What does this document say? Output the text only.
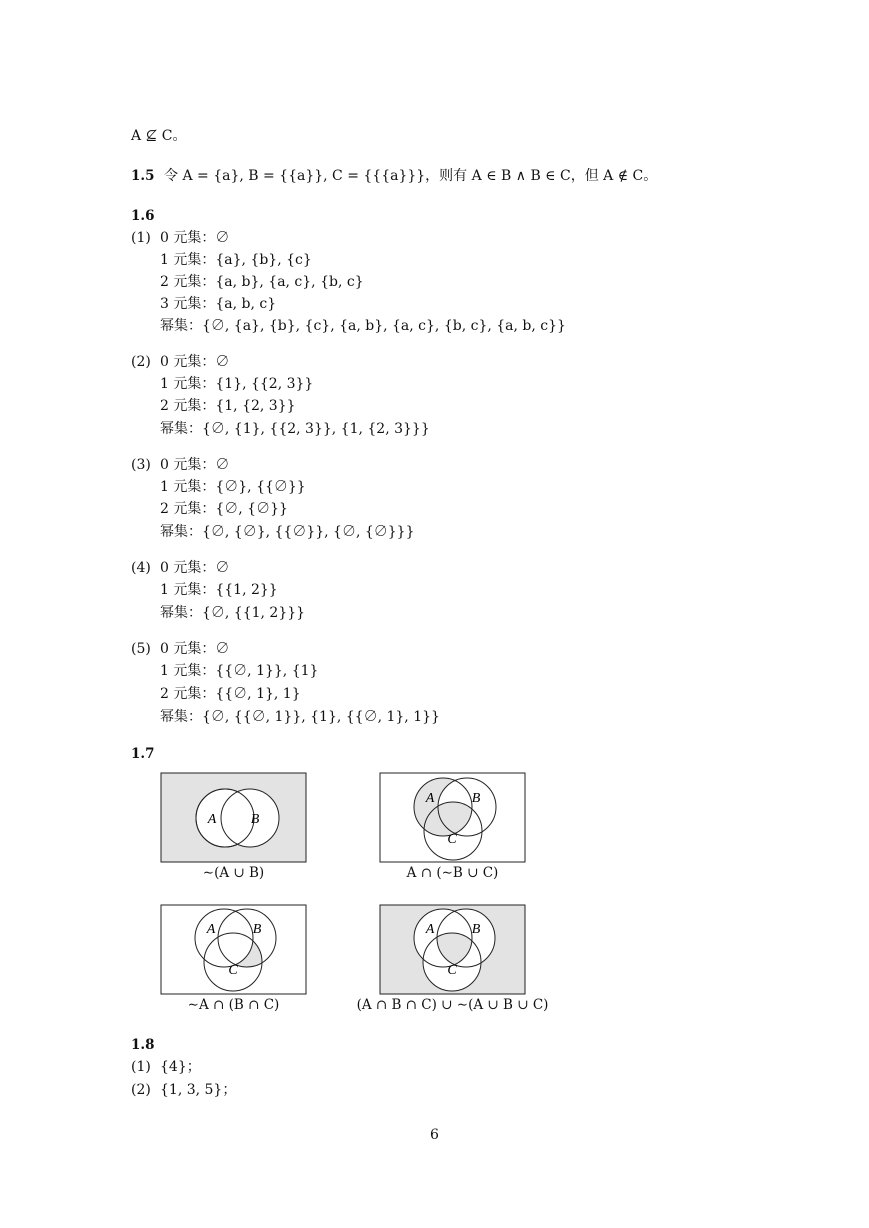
A ⊈ C。
1.5 令 A = {a}, B = {{a}}, C = {{{a}}}，则有 A ∈ B ∧ B ∈ C，但 A ∉ C。
1.6
(1) 0 元集：∅
1 元集：{a}, {b}, {c}
2 元集：{a, b}, {a, c}, {b, c}
3 元集：{a, b, c}
幂集：{∅, {a}, {b}, {c}, {a, b}, {a, c}, {b, c}, {a, b, c}}
(2) 0 元集：∅
1 元集：{1}, {{2, 3}}
2 元集：{1, {2, 3}}
幂集：{∅, {1}, {{2, 3}}, {1, {2, 3}}}
(3) 0 元集：∅
1 元集：{∅}, {{∅}}
2 元集：{∅, {∅}}
幂集：{∅, {∅}, {{∅}}, {∅, {∅}}}
(4) 0 元集：∅
1 元集：{{1, 2}}
幂集：{∅, {{1, 2}}}
(5) 0 元集：∅
1 元集：{{∅, 1}}, {1}
2 元集：{{∅, 1}, 1}
幂集：{∅, {{∅, 1}}, {1}, {{∅, 1}, 1}}
1.7
A B
A	B
C
A	B
C
A	B
C
∼(A ∪ B)	A ∩ (∼B ∪ C)
∼A ∩ (B ∩ C)	(A ∩ B ∩ C) ∪ ∼(A ∪ B ∪ C)
1.8
(1) {4}；
(2) {1, 3, 5}；
6
